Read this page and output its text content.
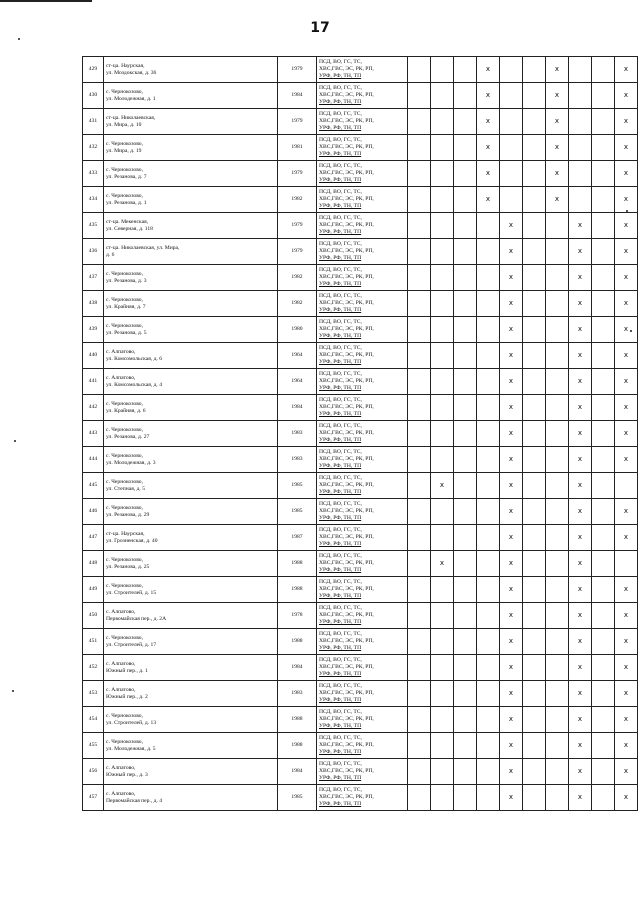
17
429	ст-ца. Наурская,
ул. Моздокская, д. 36	1979	ПСД, ВО, ГС, ТС,
ХВС,ГВС, ЭС, РК, РП,
УРФ, РФ, ТН, ТП				x			x			x
430	с. Чернокозово,
ул. Молодежная, д. 1	1984	ПСД, ВО, ГС, ТС,
ХВС,ГВС, ЭС, РК, РП,
УРФ, РФ, ТН, ТП				x			x			x
431	ст-ца. Николаевская,
ул. Мира, д. 10	1979	ПСД, ВО, ГС, ТС,
ХВС,ГВС, ЭС, РК, РП,
УРФ, РФ, ТН, ТП				x			x			x
432	с. Чернокозово,
ул. Мира, д. 19	1981	ПСД, ВО, ГС, ТС,
ХВС,ГВС, ЭС, РК, РП,
УРФ, РФ, ТН, ТП				x			x			x
433	с. Чернокозово,
ул. Резанова, д. 7	1979	ПСД, ВО, ГС, ТС,
ХВС,ГВС, ЭС, РК, РП,
УРФ, РФ, ТН, ТП				x			x			x
434	с. Чернокозово,
ул. Резанова, д. 1	1982	ПСД, ВО, ГС, ТС,
ХВС,ГВС, ЭС, РК, РП,
УРФ, РФ, ТН, ТП				x			x			x
435	ст-ца. Мекенская,
ул. Северная, д. 118	1979	ПСД, ВО, ГС, ТС,
ХВС,ГВС, ЭС, РК, РП,
УРФ, РФ, ТН, ТП					x			x		x
436	ст-ца. Николаевская, ул. Мира,
д. 6	1979	ПСД, ВО, ГС, ТС,
ХВС,ГВС, ЭС, РК, РП,
УРФ, РФ, ТН, ТП					x			x		x
437	с. Чернокозово,
ул. Резанова, д. 3	1982	ПСД, ВО, ГС, ТС,
ХВС,ГВС, ЭС, РК, РП,
УРФ, РФ, ТН, ТП					x			x		x
438	с. Чернокозово,
ул. Крайняя, д. 7	1982	ПСД, ВО, ГС, ТС,
ХВС,ГВС, ЭС, РК, РП,
УРФ, РФ, ТН, ТП					x			x		x
439	с. Чернокозово,
ул. Резанова, д. 5	1980	ПСД, ВО, ГС, ТС,
ХВС,ГВС, ЭС, РК, РП,
УРФ, РФ, ТН, ТП					x			x		x
440	с. Алпатово,
ул. Комсомольская, д. 6	1964	ПСД, ВО, ГС, ТС,
ХВС,ГВС, ЭС, РК, РП,
УРФ, РФ, ТН, ТП					x			x		x
441	с. Алпатово,
ул. Комсомольская, д. 4	1964	ПСД, ВО, ГС, ТС,
ХВС,ГВС, ЭС, РК, РП,
УРФ, РФ, ТН, ТП					x			x		x
442	с. Чернокозово,
ул. Крайняя, д. 6	1984	ПСД, ВО, ГС, ТС,
ХВС,ГВС, ЭС, РК, РП,
УРФ, РФ, ТН, ТП					x			x		x
443	с. Чернокозово,
ул. Резанова, д. 27	1983	ПСД, ВО, ГС, ТС,
ХВС,ГВС, ЭС, РК, РП,
УРФ, РФ, ТН, ТП					x			x		x
444	с. Чернокозово,
ул. Молодежная, д. 3	1983	ПСД, ВО, ГС, ТС,
ХВС,ГВС, ЭС, РК, РП,
УРФ, РФ, ТН, ТП					x			x		x
445	с. Чернокозово,
ул. Степная, д. 5	1985	ПСД, ВО, ГС, ТС,
ХВС,ГВС, ЭС, РК, РП,
УРФ, РФ, ТН, ТП		x			x			x		
446	с. Чернокозово,
ул. Резанова, д. 29	1985	ПСД, ВО, ГС, ТС,
ХВС,ГВС, ЭС, РК, РП,
УРФ, РФ, ТН, ТП					x			x		x
447	ст-ца. Наурская,
ул. Грозненская, д. 40	1987	ПСД, ВО, ГС, ТС,
ХВС,ГВС, ЭС, РК, РП,
УРФ, РФ, ТН, ТП					x			x		x
448	с. Чернокозово,
ул. Резанова, д. 25	1988	ПСД, ВО, ГС, ТС,
ХВС,ГВС, ЭС, РК, РП,
УРФ, РФ, ТН, ТП		x			x			x		
449	с. Чернокозово,
ул. Строителей, д. 15	1988	ПСД, ВО, ГС, ТС,
ХВС,ГВС, ЭС, РК, РП,
УРФ, РФ, ТН, ТП					x			x		x
450	с. Алпатово,
Первомайская пер., д. 2А	1978	ПСД, ВО, ГС, ТС,
ХВС,ГВС, ЭС, РК, РП,
УРФ, РФ, ТН, ТП					x			x		x
451	с. Чернокозово,
ул. Строителей, д. 17	1988	ПСД, ВО, ГС, ТС,
ХВС,ГВС, ЭС, РК, РП,
УРФ, РФ, ТН, ТП					x			x		x
452	с. Алпатово,
Южный пер., д. 1	1984	ПСД, ВО, ГС, ТС,
ХВС,ГВС, ЭС, РК, РП,
УРФ, РФ, ТН, ТП					x			x		x
453	с. Алпатово,
Южный пер., д. 2	1983	ПСД, ВО, ГС, ТС,
ХВС,ГВС, ЭС, РК, РП,
УРФ, РФ, ТН, ТП					x			x		x
454	с. Чернокозово,
ул. Строителей, д. 13	1988	ПСД, ВО, ГС, ТС,
ХВС,ГВС, ЭС, РК, РП,
УРФ, РФ, ТН, ТП					x			x		x
455	с. Чернокозово,
ул. Молодежная, д. 5	1988	ПСД, ВО, ГС, ТС,
ХВС,ГВС, ЭС, РК, РП,
УРФ, РФ, ТН, ТП					x			x		x
456	с. Алпатово,
Южный пер., д. 3	1984	ПСД, ВО, ГС, ТС,
ХВС,ГВС, ЭС, РК, РП,
УРФ, РФ, ТН, ТП					x			x		x
457	с. Алпатово,
Первомайская пер., д. 4	1985	ПСД, ВО, ГС, ТС,
ХВС,ГВС, ЭС, РК, РП,
УРФ, РФ, ТН, ТП					x			x		x
